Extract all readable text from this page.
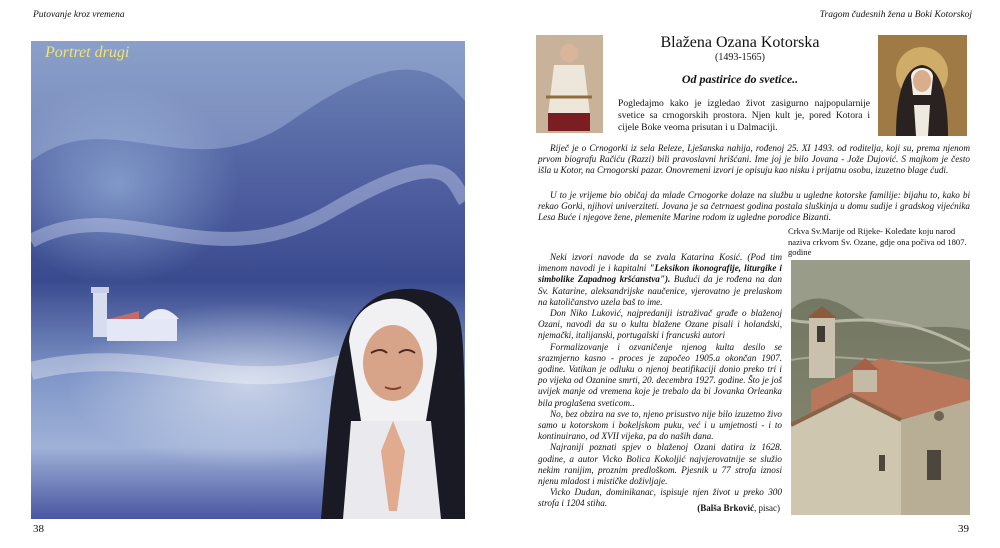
Putovanje kroz vremena
Portret drugi
38
Tragom čudesnih žena u Boki Kotorskoj
Blažena Ozana Kotorska
(1493-1565)
Od pastirice do svetice..
Pogledajmo kako je izgledao život zasigurno najpopularnije svetice sa crnogorskih prostora. Njen kult je, pored Kotora i cijele Boke veoma prisutan i u Dalmaciji.
Riječ je o Crnogorki iz sela Releze, Lješanska nahija, rođenoj 25. XI 1493. od roditelja, koji su, prema njenom prvom biografu Račiću (Razzi) bili pravoslavni hrišćani. Ime joj je bilo Jovana - Jože Dujović. S majkom je često išla u Kotor, na Crnogorski pazar. Onovremeni izvori je opisuju kao nisku i prijatnu osobu, izuzetno blage ćudi.
U to je vrijeme bio običaj da mlade Crnogorke dolaze na službu u ugledne kotorske familije: bijahu to, kako bi rekao Gorki, njihovi univerziteti. Jovana je sa četrnaest godina postala sluškinja u domu sudije i gradskog vijećnika Lesa Buće i njegove žene, plemenite Marine rodom iz ugledne porodice Bizanti.
Crkva Sv.Marije od Rijeke- Koleđate koju narod naziva crkvom Sv. Ozane, gdje ona počiva od 1807. godine
Neki izvori navode da se zvala Katarina Kosić. (Pod tim imenom navodi je i kapitalni "Leksikon ikonografije, liturgike i simbolike Zapadnog kršćanstva"). Budući da je rođena na dan Sv. Katarine, aleksandrijske naučenice, vjerovatno je prelaskom na katoličanstvo uzela baš to ime.
Don Niko Luković, najpredaniji istraživač građe o blaženoj Ozani, navodi da su o kultu blažene Ozane pisali i holandski, njemački, italijanski, portugalski i francuski autori
Formalizovanje i ozvaničenje njenog kulta desilo se srazmjerno kasno - proces je započeo 1905.a okončan 1907. godine. Vatikan je odluku o njenoj beatifikaciji donio preko tri i po vijeka od Ozanine smrti, 20. decembra 1927. godine. Što je još uvijek manje od vremena koje je trebalo da bi Jovanka Orleanka bila proglašena sveticom..
No, bez obzira na sve to, njeno prisustvo nije bilo izuzetno živo samo u kotorskom i bokeljskom puku, već i u umjetnosti - i to kontinuirano, od XVII vijeka, pa do naših dana.
Najraniji poznati spjev o blaženoj Ozani datira iz 1628. godine, a autor Vicko Bolica Kokoljić najvjerovatnije se služio nekim ranijim, proznim predloškom. Pjesnik u 77 strofa iznosi njenu mladost i mističke doživljaje.
Vicko Dudan, dominikanac, ispisuje njen život u preko 300 strofa i 1204 stiha.	(Balša Brković, pisac)
39
